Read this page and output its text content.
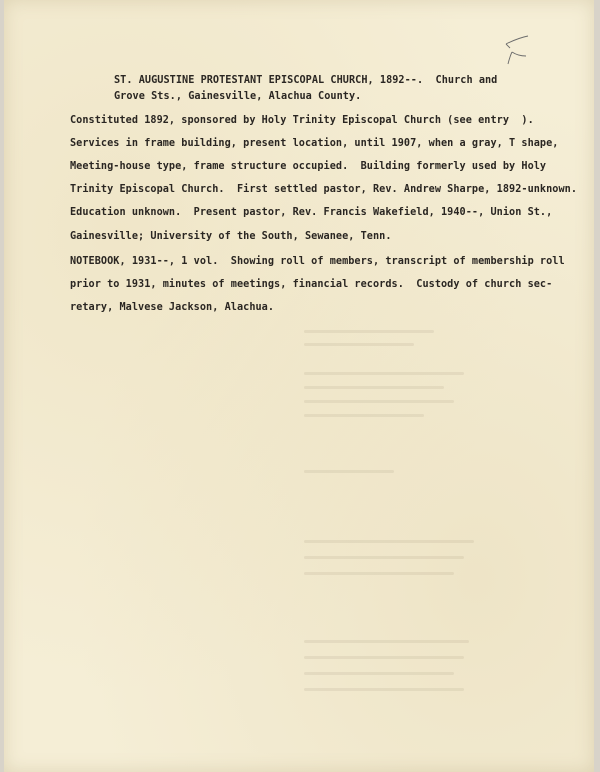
ST. AUGUSTINE PROTESTANT EPISCOPAL CHURCH, 1892--.  Church and
Grove Sts., Gainesville, Alachua County.
Constituted 1892, sponsored by Holy Trinity Episcopal Church (see entry  ).
Services in frame building, present location, until 1907, when a gray, T shape,
Meeting-house type, frame structure occupied.  Building formerly used by Holy
Trinity Episcopal Church.  First settled pastor, Rev. Andrew Sharpe, 1892-unknown.
Education unknown.  Present pastor, Rev. Francis Wakefield, 1940--, Union St.,
Gainesville; University of the South, Sewanee, Tenn.
NOTEBOOK, 1931--, 1 vol.  Showing roll of members, transcript of membership roll
prior to 1931, minutes of meetings, financial records.  Custody of church sec-
retary, Malvese Jackson, Alachua.
